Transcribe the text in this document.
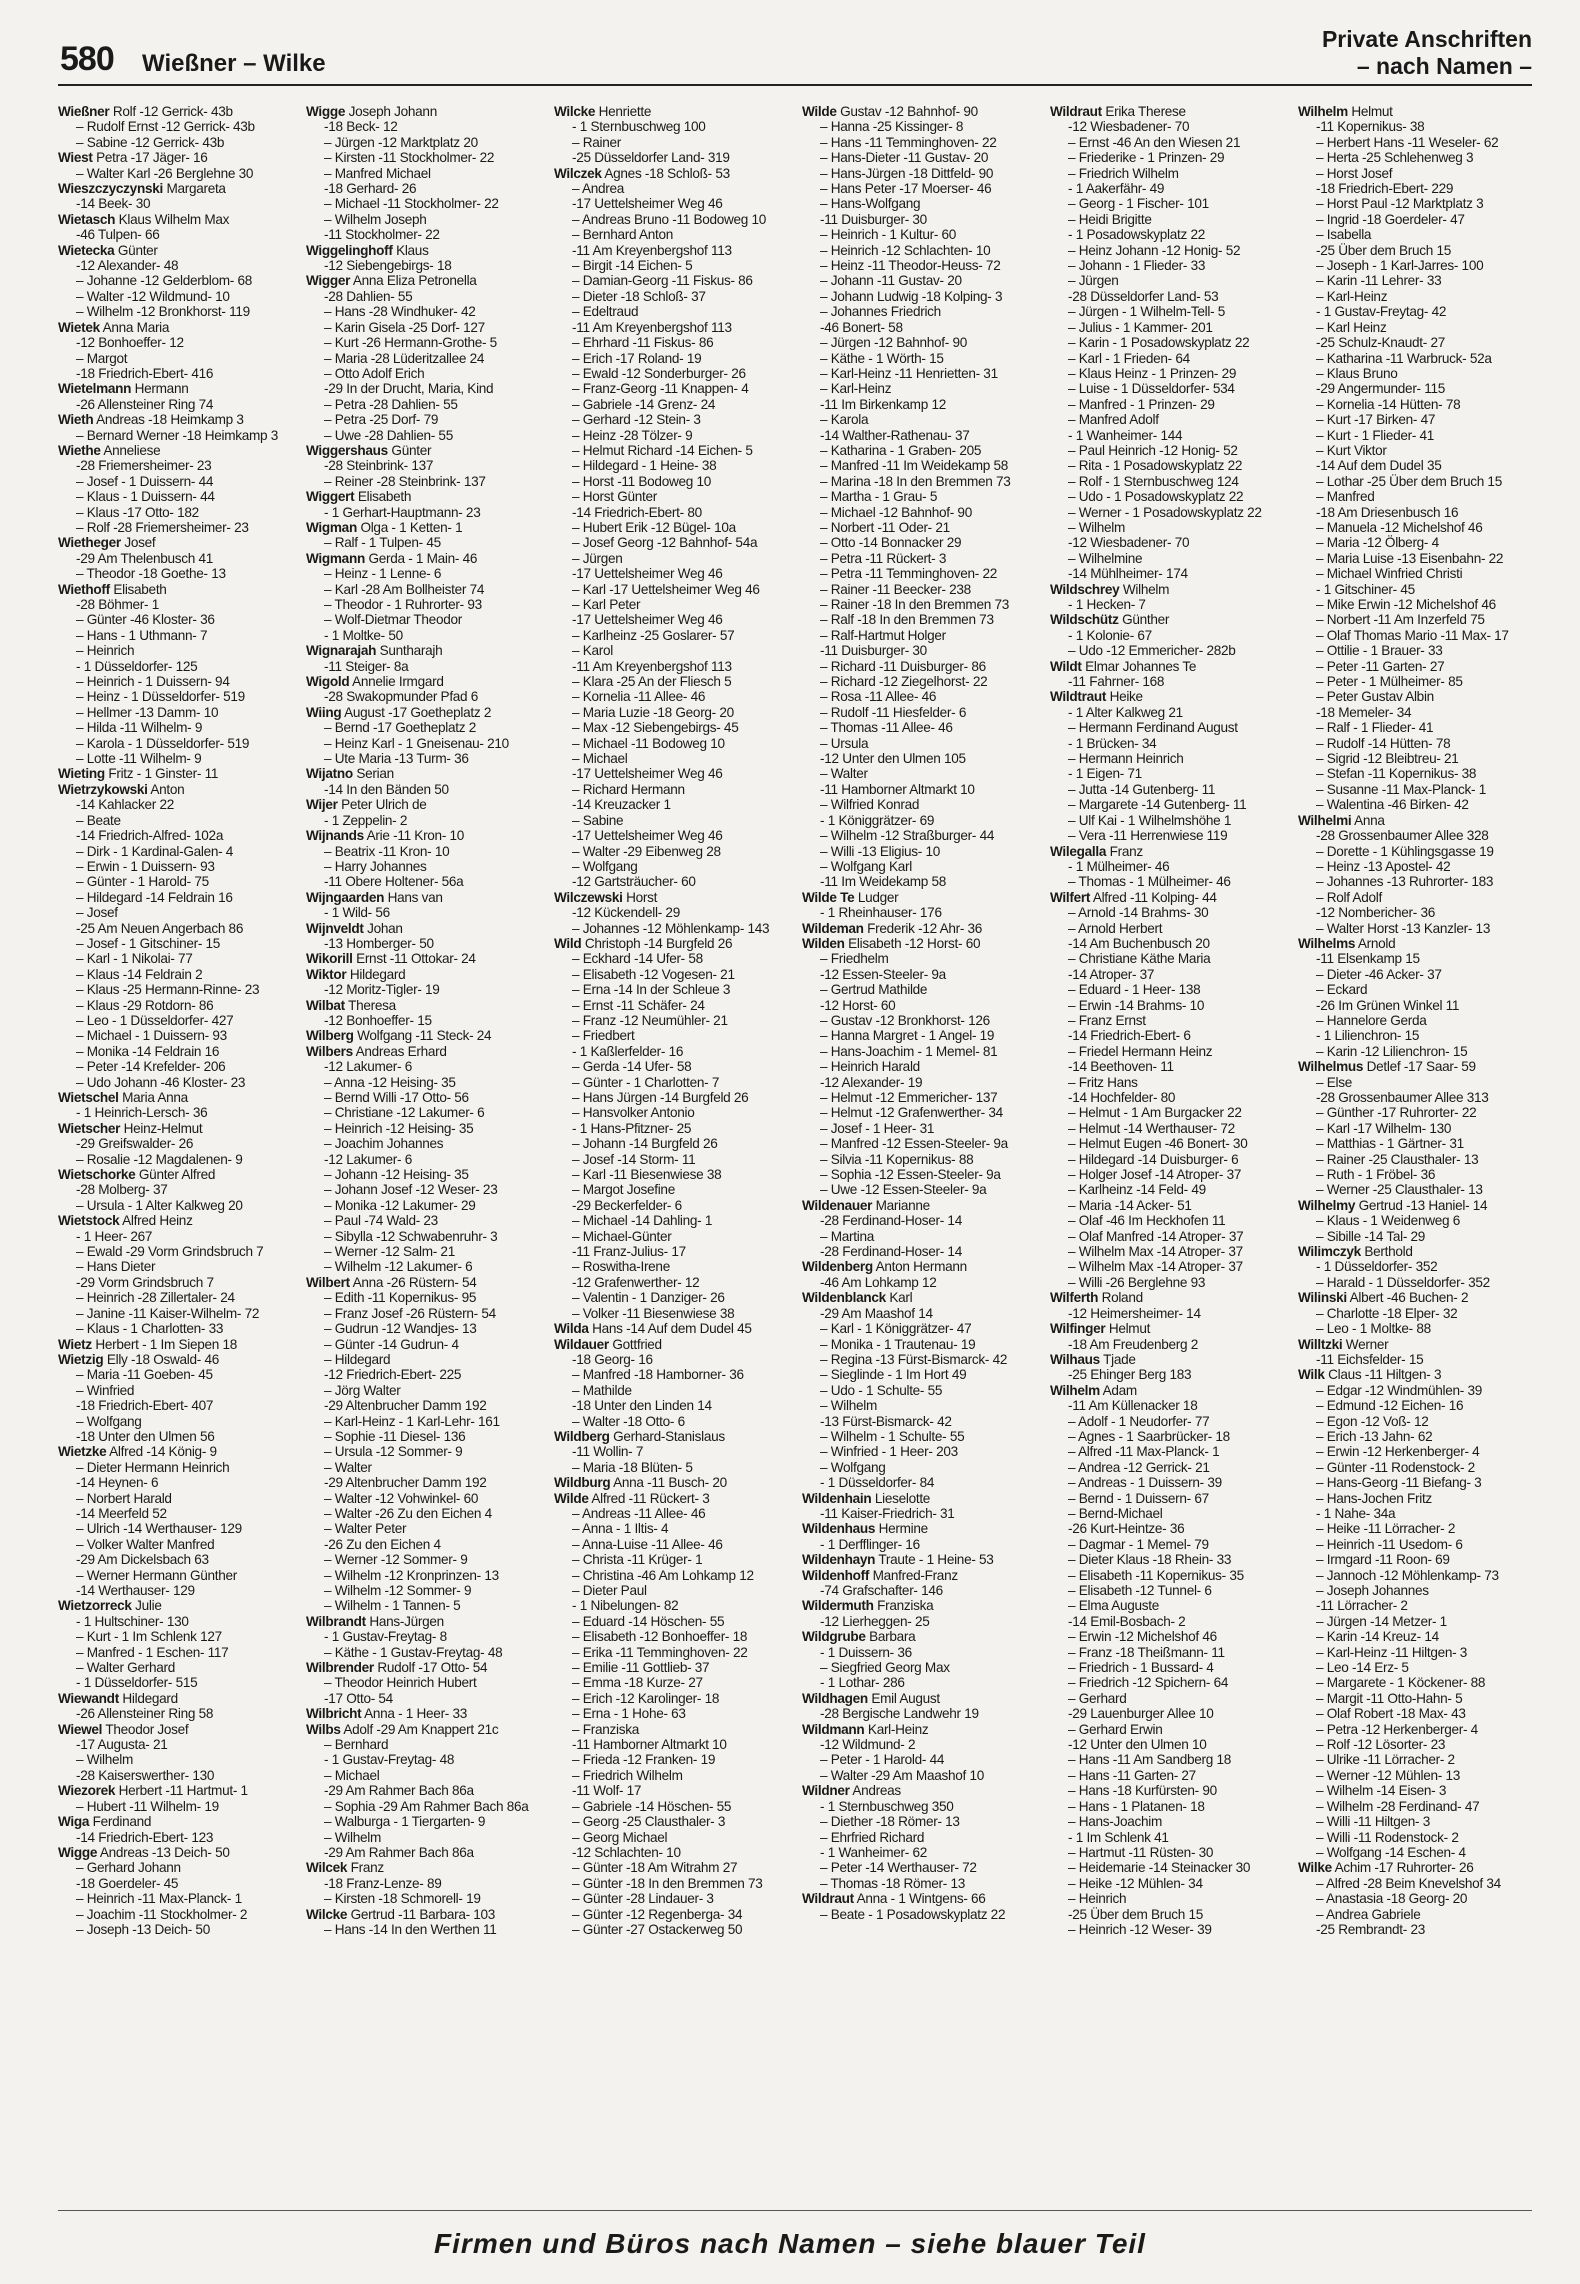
580 Wießner – Wilke
Private Anschriften
– nach Namen –
Wießner Rolf -12 Gerrick- 43b
– Rudolf Ernst -12 Gerrick- 43b
– Sabine -12 Gerrick- 43b
Wiest Petra -17 Jäger- 16
– Walter Karl -26 Berglehne 30
Wieszczyczynski Margareta
-14 Beek- 30
Wietasch Klaus Wilhelm Max
-46 Tulpen- 66
Wietecka Günter
-12 Alexander- 48
– Johanne -12 Gelderblom- 68
– Walter -12 Wildmund- 10
– Wilhelm -12 Bronkhorst- 119
Wietek Anna Maria
-12 Bonhoeffer- 12
– Margot
-18 Friedrich-Ebert- 416
Wietelmann Hermann
-26 Allensteiner Ring 74
Wieth Andreas -18 Heimkamp 3
– Bernard Werner -18 Heimkamp 3
Wiethe Anneliese
-28 Friemersheimer- 23
– Josef - 1 Duissern- 44
– Klaus - 1 Duissern- 44
– Klaus -17 Otto- 182
– Rolf -28 Friemersheimer- 23
Wietheger Josef
-29 Am Thelenbusch 41
– Theodor -18 Goethe- 13
Wiethoff Elisabeth
-28 Böhmer- 1
– Günter -46 Kloster- 36
– Hans - 1 Uthmann- 7
– Heinrich
- 1 Düsseldorfer- 125
– Heinrich - 1 Duissern- 94
– Heinz - 1 Düsseldorfer- 519
– Hellmer -13 Damm- 10
– Hilda -11 Wilhelm- 9
– Karola - 1 Düsseldorfer- 519
– Lotte -11 Wilhelm- 9
Wieting Fritz - 1 Ginster- 11
Wietrzykowski Anton
-14 Kahlacker 22
– Beate
-14 Friedrich-Alfred- 102a
– Dirk - 1 Kardinal-Galen- 4
– Erwin - 1 Duissern- 93
– Günter - 1 Harold- 75
– Hildegard -14 Feldrain 16
– Josef
-25 Am Neuen Angerbach 86
– Josef - 1 Gitschiner- 15
– Karl - 1 Nikolai- 77
– Klaus -14 Feldrain 2
– Klaus -25 Hermann-Rinne- 23
– Klaus -29 Rotdorn- 86
– Leo - 1 Düsseldorfer- 427
– Michael - 1 Duissern- 93
– Monika -14 Feldrain 16
– Peter -14 Krefelder- 206
– Udo Johann -46 Kloster- 23
Wietschel Maria Anna
- 1 Heinrich-Lersch- 36
Wietscher Heinz-Helmut
-29 Greifswalder- 26
– Rosalie -12 Magdalenen- 9
Wietschorke Günter Alfred
-28 Molberg- 37
– Ursula - 1 Alter Kalkweg 20
Wietstock Alfred Heinz
- 1 Heer- 267
– Ewald -29 Vorm Grindsbruch 7
– Hans Dieter
-29 Vorm Grindsbruch 7
– Heinrich -28 Zillertaler- 24
– Janine -11 Kaiser-Wilhelm- 72
– Klaus - 1 Charlotten- 33
Wietz Herbert - 1 Im Siepen 18
Wietzig Elly -18 Oswald- 46
– Maria -11 Goeben- 45
– Winfried
-18 Friedrich-Ebert- 407
– Wolfgang
-18 Unter den Ulmen 56
Wietzke Alfred -14 König- 9
– Dieter Hermann Heinrich
-14 Heynen- 6
– Norbert Harald
-14 Meerfeld 52
– Ulrich -14 Werthauser- 129
– Volker Walter Manfred
-29 Am Dickelsbach 63
– Werner Hermann Günther
-14 Werthauser- 129
Wietzorreck Julie
- 1 Hultschiner- 130
– Kurt - 1 Im Schlenk 127
– Manfred - 1 Eschen- 117
– Walter Gerhard
- 1 Düsseldorfer- 515
Wiewandt Hildegard
-26 Allensteiner Ring 58
Wiewel Theodor Josef
-17 Augusta- 21
– Wilhelm
-28 Kaiserswerther- 130
Wiezorek Herbert -11 Hartmut- 1
– Hubert -11 Wilhelm- 19
Wiga Ferdinand
-14 Friedrich-Ebert- 123
Wigge Andreas -13 Deich- 50
– Gerhard Johann
-18 Goerdeler- 45
– Heinrich -11 Max-Planck- 1
– Joachim -11 Stockholmer- 2
– Joseph -13 Deich- 50
Wigge Joseph Johann
-18 Beck- 12
– Jürgen -12 Marktplatz 20
– Kirsten -11 Stockholmer- 22
– Manfred Michael
-18 Gerhard- 26
– Michael -11 Stockholmer- 22
– Wilhelm Joseph
-11 Stockholmer- 22
Wiggelinghoff Klaus
-12 Siebengebirgs- 18
Wigger Anna Eliza Petronella
-28 Dahlien- 55
– Hans -28 Windhuker- 42
– Karin Gisela -25 Dorf- 127
– Kurt -26 Hermann-Grothe- 5
– Maria -28 Lüderitzallee 24
– Otto Adolf Erich
-29 In der Drucht, Maria, Kind
– Petra -28 Dahlien- 55
– Petra -25 Dorf- 79
– Uwe -28 Dahlien- 55
Wiggershaus Günter
-28 Steinbrink- 137
– Reiner -28 Steinbrink- 137
Wiggert Elisabeth
- 1 Gerhart-Hauptmann- 23
Wigman Olga - 1 Ketten- 1
– Ralf - 1 Tulpen- 45
Wigmann Gerda - 1 Main- 46
– Heinz - 1 Lenne- 6
– Karl -28 Am Bollheister 74
– Theodor - 1 Ruhrorter- 93
– Wolf-Dietmar Theodor
- 1 Moltke- 50
Wignarajah Suntharajh
-11 Steiger- 8a
Wigold Annelie Irmgard
-28 Swakopmunder Pfad 6
Wiing August -17 Goetheplatz 2
– Bernd -17 Goetheplatz 2
– Heinz Karl - 1 Gneisenau- 210
– Ute Maria -13 Turm- 36
Wijatno Serian
-14 In den Bänden 50
Wijer Peter Ulrich de
- 1 Zeppelin- 2
Wijnands Arie -11 Kron- 10
– Beatrix -11 Kron- 10
– Harry Johannes
-11 Obere Holtener- 56a
Wijngaarden Hans van
- 1 Wild- 56
Wijnveldt Johan
-13 Homberger- 50
Wikorill Ernst -11 Ottokar- 24
Wiktor Hildegard
-12 Moritz-Tigler- 19
Wilbat Theresa
-12 Bonhoeffer- 15
Wilberg Wolfgang -11 Steck- 24
Wilbers Andreas Erhard
-12 Lakumer- 6
– Anna -12 Heising- 35
– Bernd Willi -17 Otto- 56
– Christiane -12 Lakumer- 6
– Heinrich -12 Heising- 35
– Joachim Johannes
-12 Lakumer- 6
– Johann -12 Heising- 35
– Johann Josef -12 Weser- 23
– Monika -12 Lakumer- 29
– Paul -74 Wald- 23
– Sibylla -12 Schwabenruhr- 3
– Werner -12 Salm- 21
– Wilhelm -12 Lakumer- 6
Wilbert Anna -26 Rüstern- 54
– Edith -11 Kopernikus- 95
– Franz Josef -26 Rüstern- 54
– Gudrun -12 Wandjes- 13
– Günter -14 Gudrun- 4
– Hildegard
-12 Friedrich-Ebert- 225
– Jörg Walter
-29 Altenbrucher Damm 192
– Karl-Heinz - 1 Karl-Lehr- 161
– Sophie -11 Diesel- 136
– Ursula -12 Sommer- 9
– Walter
-29 Altenbrucher Damm 192
– Walter -12 Vohwinkel- 60
– Walter -26 Zu den Eichen 4
– Walter Peter
-26 Zu den Eichen 4
– Werner -12 Sommer- 9
– Wilhelm -12 Kronprinzen- 13
– Wilhelm -12 Sommer- 9
– Wilhelm - 1 Tannen- 5
Wilbrandt Hans-Jürgen
- 1 Gustav-Freytag- 8
– Käthe - 1 Gustav-Freytag- 48
Wilbrender Rudolf -17 Otto- 54
– Theodor Heinrich Hubert
-17 Otto- 54
Wilbricht Anna - 1 Heer- 33
Wilbs Adolf -29 Am Knappert 21c
– Bernhard
- 1 Gustav-Freytag- 48
– Michael
-29 Am Rahmer Bach 86a
– Sophia -29 Am Rahmer Bach 86a
– Walburga - 1 Tiergarten- 9
– Wilhelm
-29 Am Rahmer Bach 86a
Wilcek Franz
-18 Franz-Lenze- 89
– Kirsten -18 Schmorell- 19
Wilcke Gertrud -11 Barbara- 103
– Hans -14 In den Werthen 11
Wilcke Henriette
- 1 Sternbuschweg 100
– Rainer
-25 Düsseldorfer Land- 319
Wilczek Agnes -18 Schloß- 53
– Andrea
-17 Uettelsheimer Weg 46
– Andreas Bruno -11 Bodoweg 10
– Bernhard Anton
-11 Am Kreyenbergshof 113
– Birgit -14 Eichen- 5
– Damian-Georg -11 Fiskus- 86
– Dieter -18 Schloß- 37
– Edeltraud
-11 Am Kreyenbergshof 113
– Ehrhard -11 Fiskus- 86
– Erich -17 Roland- 19
– Ewald -12 Sonderburger- 26
– Franz-Georg -11 Knappen- 4
– Gabriele -14 Grenz- 24
– Gerhard -12 Stein- 3
– Heinz -28 Tölzer- 9
– Helmut Richard -14 Eichen- 5
– Hildegard - 1 Heine- 38
– Horst -11 Bodoweg 10
– Horst Günter
-14 Friedrich-Ebert- 80
– Hubert Erik -12 Bügel- 10a
– Josef Georg -12 Bahnhof- 54a
– Jürgen
-17 Uettelsheimer Weg 46
– Karl -17 Uettelsheimer Weg 46
– Karl Peter
-17 Uettelsheimer Weg 46
– Karlheinz -25 Goslarer- 57
– Karol
-11 Am Kreyenbergshof 113
– Klara -25 An der Fliesch 5
– Kornelia -11 Allee- 46
– Maria Luzie -18 Georg- 20
– Max -12 Siebengebirgs- 45
– Michael -11 Bodoweg 10
– Michael
-17 Uettelsheimer Weg 46
– Richard Hermann
-14 Kreuzacker 1
– Sabine
-17 Uettelsheimer Weg 46
– Walter -29 Eibenweg 28
– Wolfgang
-12 Gartsträucher- 60
Wilczewski Horst
-12 Kückendell- 29
– Johannes -12 Möhlenkamp- 143
Wild Christoph -14 Burgfeld 26
– Eckhard -14 Ufer- 58
– Elisabeth -12 Vogesen- 21
– Erna -14 In der Schleue 3
– Ernst -11 Schäfer- 24
– Franz -12 Neumühler- 21
– Friedbert
- 1 Kaßlerfelder- 16
– Gerda -14 Ufer- 58
– Günter - 1 Charlotten- 7
– Hans Jürgen -14 Burgfeld 26
– Hansvolker Antonio
- 1 Hans-Pfitzner- 25
– Johann -14 Burgfeld 26
– Josef -14 Storm- 11
– Karl -11 Biesenwiese 38
– Margot Josefine
-29 Beckerfelder- 6
– Michael -14 Dahling- 1
– Michael-Günter
-11 Franz-Julius- 17
– Roswitha-Irene
-12 Grafenwerther- 12
– Valentin - 1 Danziger- 26
– Volker -11 Biesenwiese 38
Wilda Hans -14 Auf dem Dudel 45
Wildauer Gottfried
-18 Georg- 16
– Manfred -18 Hamborner- 36
– Mathilde
-18 Unter den Linden 14
– Walter -18 Otto- 6
Wildberg Gerhard-Stanislaus
-11 Wollin- 7
– Maria -18 Blüten- 5
Wildburg Anna -11 Busch- 20
Wilde Alfred -11 Rückert- 3
– Andreas -11 Allee- 46
– Anna - 1 Iltis- 4
– Anna-Luise -11 Allee- 46
– Christa -11 Krüger- 1
– Christina -46 Am Lohkamp 12
– Dieter Paul
- 1 Nibelungen- 82
– Eduard -14 Höschen- 55
– Elisabeth -12 Bonhoeffer- 18
– Erika -11 Temminghoven- 22
– Emilie -11 Gottlieb- 37
– Emma -18 Kurze- 27
– Erich -12 Karolinger- 18
– Erna - 1 Hohe- 63
– Franziska
-11 Hamborner Altmarkt 10
– Frieda -12 Franken- 19
– Friedrich Wilhelm
-11 Wolf- 17
– Gabriele -14 Höschen- 55
– Georg -25 Clausthaler- 3
– Georg Michael
-12 Schlachten- 10
– Günter -18 Am Witrahm 27
– Günter -18 In den Bremmen 73
– Günter -28 Lindauer- 3
– Günter -12 Regenberga- 34
– Günter -27 Ostackerweg 50
Wilde Gustav -12 Bahnhof- 90
– Hanna -25 Kissinger- 8
– Hans -11 Temminghoven- 22
– Hans-Dieter -11 Gustav- 20
– Hans-Jürgen -18 Dittfeld- 90
– Hans Peter -17 Moerser- 46
– Hans-Wolfgang
-11 Duisburger- 30
– Heinrich - 1 Kultur- 60
– Heinrich -12 Schlachten- 10
– Heinz -11 Theodor-Heuss- 72
– Johann -11 Gustav- 20
– Johann Ludwig -18 Kolping- 3
– Johannes Friedrich
-46 Bonert- 58
– Jürgen -12 Bahnhof- 90
– Käthe - 1 Wörth- 15
– Karl-Heinz -11 Henrietten- 31
– Karl-Heinz
-11 Im Birkenkamp 12
– Karola
-14 Walther-Rathenau- 37
– Katharina - 1 Graben- 205
– Manfred -11 Im Weidekamp 58
– Marina -18 In den Bremmen 73
– Martha - 1 Grau- 5
– Michael -12 Bahnhof- 90
– Norbert -11 Oder- 21
– Otto -14 Bonnacker 29
– Petra -11 Rückert- 3
– Petra -11 Temminghoven- 22
– Rainer -11 Beecker- 238
– Rainer -18 In den Bremmen 73
– Ralf -18 In den Bremmen 73
– Ralf-Hartmut Holger
-11 Duisburger- 30
– Richard -11 Duisburger- 86
– Richard -12 Ziegelhorst- 22
– Rosa -11 Allee- 46
– Rudolf -11 Hiesfelder- 6
– Thomas -11 Allee- 46
– Ursula
-12 Unter den Ulmen 105
– Walter
-11 Hamborner Altmarkt 10
– Wilfried Konrad
- 1 Königgrätzer- 69
– Wilhelm -12 Straßburger- 44
– Willi -13 Eligius- 10
– Wolfgang Karl
-11 Im Weidekamp 58
Wilde Te Ludger
- 1 Rheinhauser- 176
Wildeman Frederik -12 Ahr- 36
Wilden Elisabeth -12 Horst- 60
– Friedhelm
-12 Essen-Steeler- 9a
– Gertrud Mathilde
-12 Horst- 60
– Gustav -12 Bronkhorst- 126
– Hanna Margret - 1 Angel- 19
– Hans-Joachim - 1 Memel- 81
– Heinrich Harald
-12 Alexander- 19
– Helmut -12 Emmericher- 137
– Helmut -12 Grafenwerther- 34
– Josef - 1 Heer- 31
– Manfred -12 Essen-Steeler- 9a
– Silvia -11 Kopernikus- 88
– Sophia -12 Essen-Steeler- 9a
– Uwe -12 Essen-Steeler- 9a
Wildenauer Marianne
-28 Ferdinand-Hoser- 14
– Martina
-28 Ferdinand-Hoser- 14
Wildenberg Anton Hermann
-46 Am Lohkamp 12
Wildenblanck Karl
-29 Am Maashof 14
– Karl - 1 Königgrätzer- 47
– Monika - 1 Trautenau- 19
– Regina -13 Fürst-Bismarck- 42
– Sieglinde - 1 Im Hort 49
– Udo - 1 Schulte- 55
– Wilhelm
-13 Fürst-Bismarck- 42
– Wilhelm - 1 Schulte- 55
– Winfried - 1 Heer- 203
– Wolfgang
- 1 Düsseldorfer- 84
Wildenhain Lieselotte
-11 Kaiser-Friedrich- 31
Wildenhaus Hermine
- 1 Derfflinger- 16
Wildenhayn Traute - 1 Heine- 53
Wildenhoff Manfred-Franz
-74 Grafschafter- 146
Wildermuth Franziska
-12 Lierheggen- 25
Wildgrube Barbara
- 1 Duissern- 36
– Siegfried Georg Max
- 1 Lothar- 286
Wildhagen Emil August
-28 Bergische Landwehr 19
Wildmann Karl-Heinz
-12 Wildmund- 2
– Peter - 1 Harold- 44
– Walter -29 Am Maashof 10
Wildner Andreas
- 1 Sternbuschweg 350
– Diether -18 Römer- 13
– Ehrfried Richard
- 1 Wanheimer- 62
– Peter -14 Werthauser- 72
– Thomas -18 Römer- 13
Wildraut Anna - 1 Wintgens- 66
– Beate - 1 Posadowskyplatz 22
Wildraut Erika Therese
-12 Wiesbadener- 70
– Ernst -46 An den Wiesen 21
– Friederike - 1 Prinzen- 29
– Friedrich Wilhelm
- 1 Aakerfähr- 49
– Georg - 1 Fischer- 101
– Heidi Brigitte
- 1 Posadowskyplatz 22
– Heinz Johann -12 Honig- 52
– Johann - 1 Flieder- 33
– Jürgen
-28 Düsseldorfer Land- 53
– Jürgen - 1 Wilhelm-Tell- 5
– Julius - 1 Kammer- 201
– Karin - 1 Posadowskyplatz 22
– Karl - 1 Frieden- 64
– Klaus Heinz - 1 Prinzen- 29
– Luise - 1 Düsseldorfer- 534
– Manfred - 1 Prinzen- 29
– Manfred Adolf
- 1 Wanheimer- 144
– Paul Heinrich -12 Honig- 52
– Rita - 1 Posadowskyplatz 22
– Rolf - 1 Sternbuschweg 124
– Udo - 1 Posadowskyplatz 22
– Werner - 1 Posadowskyplatz 22
– Wilhelm
-12 Wiesbadener- 70
– Wilhelmine
-14 Mühlheimer- 174
Wildschrey Wilhelm
- 1 Hecken- 7
Wildschütz Günther
- 1 Kolonie- 67
– Udo -12 Emmericher- 282b
Wildt Elmar Johannes Te
-11 Fahrner- 168
Wildtraut Heike
- 1 Alter Kalkweg 21
– Hermann Ferdinand August
- 1 Brücken- 34
– Hermann Heinrich
- 1 Eigen- 71
– Jutta -14 Gutenberg- 11
– Margarete -14 Gutenberg- 11
– Ulf Kai - 1 Wilhelmshöhe 1
– Vera -11 Herrenwiese 119
Wilegalla Franz
- 1 Mülheimer- 46
– Thomas - 1 Mülheimer- 46
Wilfert Alfred -11 Kolping- 44
– Arnold -14 Brahms- 30
– Arnold Herbert
-14 Am Buchenbusch 20
– Christiane Käthe Maria
-14 Atroper- 37
– Eduard - 1 Heer- 138
– Erwin -14 Brahms- 10
– Franz Ernst
-14 Friedrich-Ebert- 6
– Friedel Hermann Heinz
-14 Beethoven- 11
– Fritz Hans
-14 Hochfelder- 80
– Helmut - 1 Am Burgacker 22
– Helmut -14 Werthauser- 72
– Helmut Eugen -46 Bonert- 30
– Hildegard -14 Duisburger- 6
– Holger Josef -14 Atroper- 37
– Karlheinz -14 Feld- 49
– Maria -14 Acker- 51
– Olaf -46 Im Heckhofen 11
– Olaf Manfred -14 Atroper- 37
– Wilhelm Max -14 Atroper- 37
– Wilhelm Max -14 Atroper- 37
– Willi -26 Berglehne 93
Wilferth Roland
-12 Heimersheimer- 14
Wilfinger Helmut
-18 Am Freudenberg 2
Wilhaus Tjade
-25 Ehinger Berg 183
Wilhelm Adam
-11 Am Küllenacker 18
– Adolf - 1 Neudorfer- 77
– Agnes - 1 Saarbrücker- 18
– Alfred -11 Max-Planck- 1
– Andrea -12 Gerrick- 21
– Andreas - 1 Duissern- 39
– Bernd - 1 Duissern- 67
– Bernd-Michael
-26 Kurt-Heintze- 36
– Dagmar - 1 Memel- 79
– Dieter Klaus -18 Rhein- 33
– Elisabeth -11 Kopernikus- 35
– Elisabeth -12 Tunnel- 6
– Elma Auguste
-14 Emil-Bosbach- 2
– Erwin -12 Michelshof 46
– Franz -18 Theißmann- 11
– Friedrich - 1 Bussard- 4
– Friedrich -12 Spichern- 64
– Gerhard
-29 Lauenburger Allee 10
– Gerhard Erwin
-12 Unter den Ulmen 10
– Hans -11 Am Sandberg 18
– Hans -11 Garten- 27
– Hans -18 Kurfürsten- 90
– Hans - 1 Platanen- 18
– Hans-Joachim
- 1 Im Schlenk 41
– Hartmut -11 Rüsten- 30
– Heidemarie -14 Steinacker 30
– Heike -12 Mühlen- 34
– Heinrich
-25 Über dem Bruch 15
– Heinrich -12 Weser- 39
Wilhelm Helmut
-11 Kopernikus- 38
– Herbert Hans -11 Weseler- 62
– Herta -25 Schlehenweg 3
– Horst Josef
-18 Friedrich-Ebert- 229
– Horst Paul -12 Marktplatz 3
– Ingrid -18 Goerdeler- 47
– Isabella
-25 Über dem Bruch 15
– Joseph - 1 Karl-Jarres- 100
– Karin -11 Lehrer- 33
– Karl-Heinz
- 1 Gustav-Freytag- 42
– Karl Heinz
-25 Schulz-Knaudt- 27
– Katharina -11 Warbruck- 52a
– Klaus Bruno
-29 Angermunder- 115
– Kornelia -14 Hütten- 78
– Kurt -17 Birken- 47
– Kurt - 1 Flieder- 41
– Kurt Viktor
-14 Auf dem Dudel 35
– Lothar -25 Über dem Bruch 15
– Manfred
-18 Am Driesenbusch 16
– Manuela -12 Michelshof 46
– Maria -12 Ölberg- 4
– Maria Luise -13 Eisenbahn- 22
– Michael Winfried Christi
- 1 Gitschiner- 45
– Mike Erwin -12 Michelshof 46
– Norbert -11 Am Inzerfeld 75
– Olaf Thomas Mario -11 Max- 17
– Ottilie - 1 Brauer- 33
– Peter -11 Garten- 27
– Peter - 1 Mülheimer- 85
– Peter Gustav Albin
-18 Memeler- 34
– Ralf - 1 Flieder- 41
– Rudolf -14 Hütten- 78
– Sigrid -12 Bleibtreu- 21
– Stefan -11 Kopernikus- 38
– Susanne -11 Max-Planck- 1
– Walentina -46 Birken- 42
Wilhelmi Anna
-28 Grossenbaumer Allee 328
– Dorette - 1 Kühlingsgasse 19
– Heinz -13 Apostel- 42
– Johannes -13 Ruhrorter- 183
– Rolf Adolf
-12 Nombericher- 36
– Walter Horst -13 Kanzler- 13
Wilhelms Arnold
-11 Elsenkamp 15
– Dieter -46 Acker- 37
– Eckard
-26 Im Grünen Winkel 11
– Hannelore Gerda
- 1 Lilienchron- 15
– Karin -12 Lilienchron- 15
Wilhelmus Detlef -17 Saar- 59
– Else
-28 Grossenbaumer Allee 313
– Günther -17 Ruhrorter- 22
– Karl -17 Wilhelm- 130
– Matthias - 1 Gärtner- 31
– Rainer -25 Clausthaler- 13
– Ruth - 1 Fröbel- 36
– Werner -25 Clausthaler- 13
Wilhelmy Gertrud -13 Haniel- 14
– Klaus - 1 Weidenweg 6
– Sibille -14 Tal- 29
Wilimczyk Berthold
- 1 Düsseldorfer- 352
– Harald - 1 Düsseldorfer- 352
Wilinski Albert -46 Buchen- 2
– Charlotte -18 Elper- 32
– Leo - 1 Moltke- 88
Willtzki Werner
-11 Eichsfelder- 15
Wilk Claus -11 Hiltgen- 3
– Edgar -12 Windmühlen- 39
– Edmund -12 Eichen- 16
– Egon -12 Voß- 12
– Erich -13 Jahn- 62
– Erwin -12 Herkenberger- 4
– Günter -11 Rodenstock- 2
– Hans-Georg -11 Biefang- 3
– Hans-Jochen Fritz
- 1 Nahe- 34a
– Heike -11 Lörracher- 2
– Heinrich -11 Usedom- 6
– Irmgard -11 Roon- 69
– Jannoch -12 Möhlenkamp- 73
– Joseph Johannes
-11 Lörracher- 2
– Jürgen -14 Metzer- 1
– Karin -14 Kreuz- 14
– Karl-Heinz -11 Hiltgen- 3
– Leo -14 Erz- 5
– Margarete - 1 Köckener- 88
– Margit -11 Otto-Hahn- 5
– Olaf Robert -18 Max- 43
– Petra -12 Herkenberger- 4
– Rolf -12 Lösorter- 23
– Ulrike -11 Lörracher- 2
– Werner -12 Mühlen- 13
– Wilhelm -14 Eisen- 3
– Wilhelm -28 Ferdinand- 47
– Willi -11 Hiltgen- 3
– Willi -11 Rodenstock- 2
– Wolfgang -14 Eschen- 4
Wilke Achim -17 Ruhrorter- 26
– Alfred -28 Beim Knevelshof 34
– Anastasia -18 Georg- 20
– Andrea Gabriele
-25 Rembrandt- 23
Firmen und Büros nach Namen – siehe blauer Teil
